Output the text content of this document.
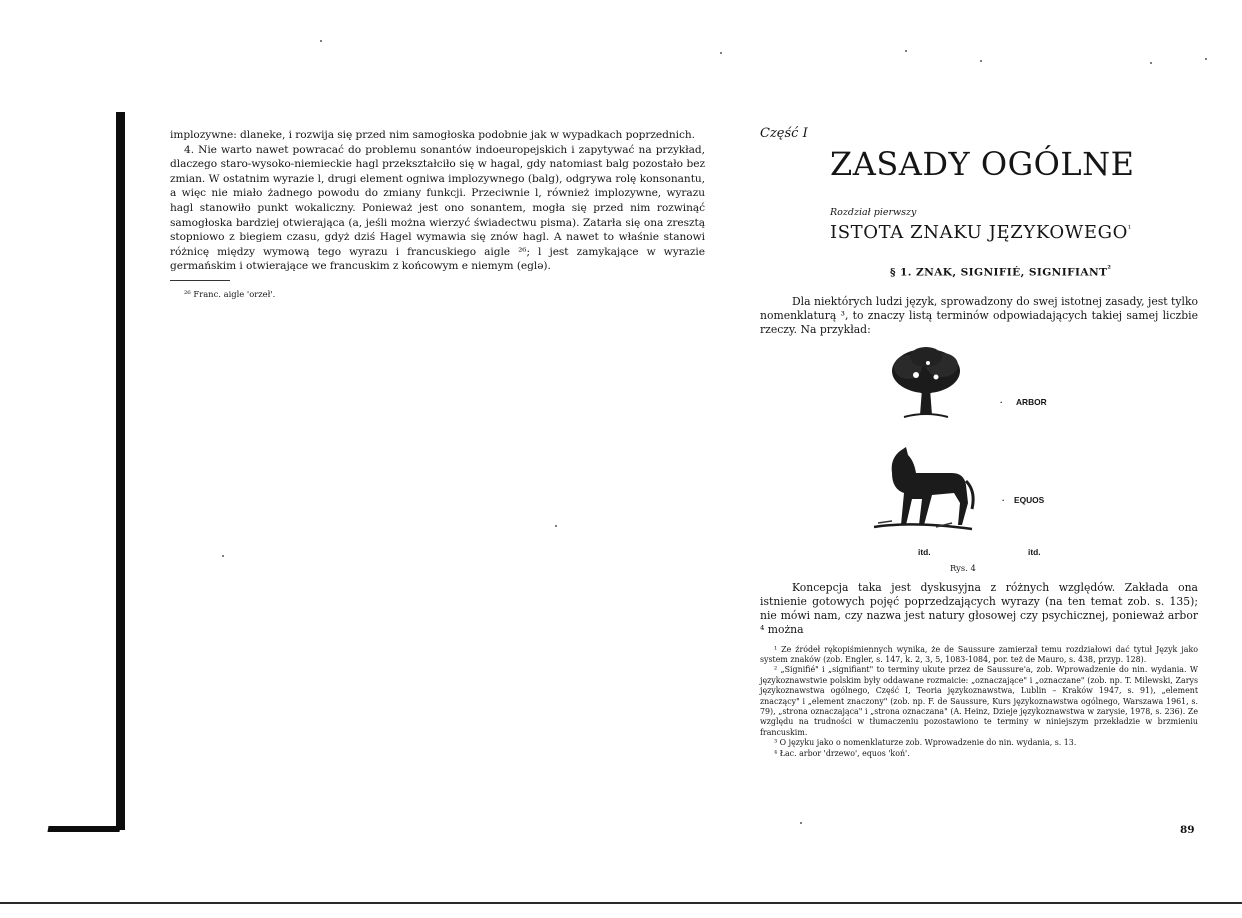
implozywne: dlaneke, i rozwija się przed nim samogłoska podobnie jak w wypadkach poprzednich.

4. Nie warto nawet powracać do problemu sonantów indoeuropejskich i zapytywać na przykład, dlaczego staro-wysoko-niemieckie hagl przekształciło się w hagal, gdy natomiast balg pozostało bez zmian. W ostatnim wyrazie l, drugi element ogniwa implozywnego (balg), odgrywa rolę konsonantu, a więc nie miało żadnego powodu do zmiany funkcji. Przeciwnie l, również implozywne, wyrazu hagl stanowiło punkt wokaliczny. Ponieważ jest ono sonantem, mogła się przed nim rozwinąć samogłoska bardziej otwierająca (a, jeśli można wierzyć świadectwu pisma). Zatarła się ona zresztą stopniowo z biegiem czasu, gdyż dziś Hagel wymawia się znów hagl. A nawet to właśnie stanowi różnicę między wymową tego wyrazu i francuskiego aigle ²⁶; l jest zamykające w wyrazie germańskim i otwierające we francuskim z końcowym e niemym (eglə).

²⁶ Franc. aigle 'orzeł'.

Część I

ZASADY OGÓLNE

Rozdział pierwszy

ISTOTA ZNAKU $JĘZYKOWEGO^{^1}$

§ 1. ZNAK, SIGNIFIÉ, $SIGNIFIANT^{^2}$

Dla niektórych ludzi język, sprowadzony do swej istotnej zasady, jest tylko nomenklaturą ³, to znaczy listą terminów odpowiadających takiej samej liczbie rzeczy. Na przykład:

ARBOR
·
EQUOS
·
itd.	itd.
Rys. 4

Koncepcja taka jest dyskusyjna z różnych względów. Zakłada ona istnienie gotowych pojęć poprzedzających wyrazy (na ten temat zob. s. 135); nie mówi nam, czy nazwa jest natury głosowej czy psychicznej, ponieważ arbor ⁴ można

¹ Ze źródeł rękopiśmiennych wynika, że de Saussure zamierzał temu rozdziałowi dać tytuł Język jako system znaków (zob. Engler, s. 147, k. 2, 3, 5, 1083-1084, por. też de Mauro, s. 438, przyp. 128).

² „Signifié" i „signifiant" to terminy ukute przez de Saussure'a, zob. Wprowadzenie do nin. wydania. W językoznawstwie polskim były oddawane rozmaicie: „oznaczające" i „oznaczane" (zob. np. T. Milewski, Zarys językoznawstwa ogólnego, Część I, Teoria językoznawstwa, Lublin – Kraków 1947, s. 91), „element znaczący" i „element znaczony" (zob. np. F. de Saussure, Kurs językoznawstwa ogólnego, Warszawa 1961, s. 79), „strona oznaczająca" i „strona oznaczana" (A. Heinz, Dzieje językoznawstwa w zarysie, 1978, s. 236). Ze względu na trudności w tłumaczeniu pozostawiono te terminy w niniejszym przekładzie w brzmieniu francuskim.

³ O języku jako o nomenklaturze zob. Wprowadzenie do nin. wydania, s. 13.

⁴ Łac. arbor 'drzewo', equos 'koń'.

89
